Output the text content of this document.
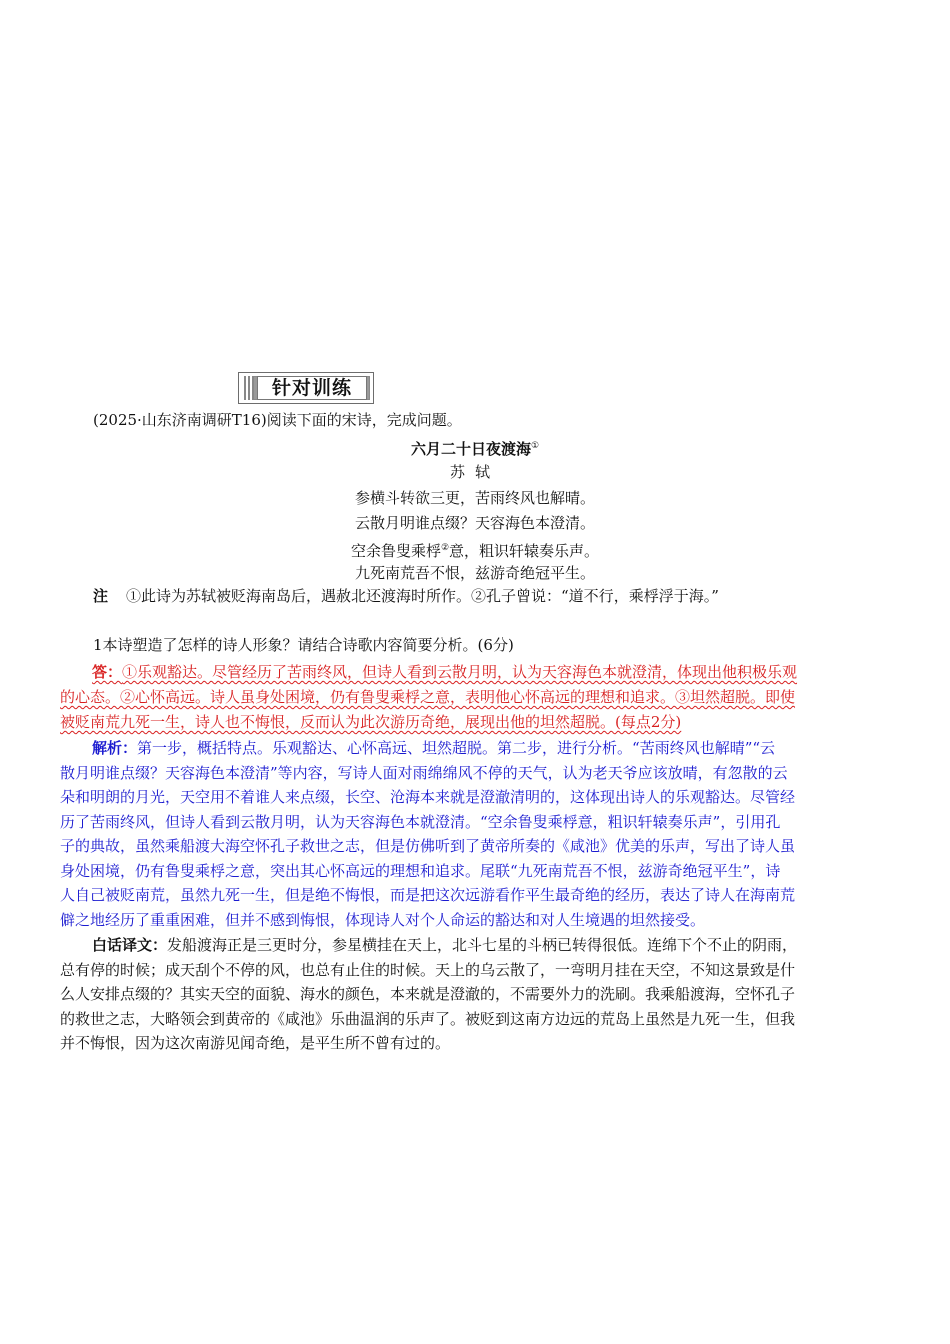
针对训练
(2025·山东济南调研T16)阅读下面的宋诗，完成问题。
六月二十日夜渡海①
苏轼
参横斗转欲三更，苦雨终风也解晴。
云散月明谁点缀？天容海色本澄清。
空余鲁叟乘桴②意，粗识轩辕奏乐声。
九死南荒吾不恨，兹游奇绝冠平生。
注 ①此诗为苏轼被贬海南岛后，遇赦北还渡海时所作。②孔子曾说：“道不行，乘桴浮于海。”
1本诗塑造了怎样的诗人形象？请结合诗歌内容简要分析。(6分)
答：①乐观豁达。尽管经历了苦雨终风，但诗人看到云散月明，认为天容海色本就澄清，体现出他积极乐观
的心态。②心怀高远。诗人虽身处困境，仍有鲁叟乘桴之意，表明他心怀高远的理想和追求。③坦然超脱。即使
被贬南荒九死一生，诗人也不悔恨，反而认为此次游历奇绝，展现出他的坦然超脱。(每点2分)
解析：第一步，概括特点。乐观豁达、心怀高远、坦然超脱。第二步，进行分析。“苦雨终风也解晴”“云
散月明谁点缀？天容海色本澄清”等内容，写诗人面对雨绵绵风不停的天气，认为老天爷应该放晴，有忽散的云
朵和明朗的月光，天空用不着谁人来点缀，长空、沧海本来就是澄澈清明的，这体现出诗人的乐观豁达。尽管经
历了苦雨终风，但诗人看到云散月明，认为天容海色本就澄清。“空余鲁叟乘桴意，粗识轩辕奏乐声”，引用孔
子的典故，虽然乘船渡大海空怀孔子救世之志，但是仿佛听到了黄帝所奏的《咸池》优美的乐声，写出了诗人虽
身处困境，仍有鲁叟乘桴之意，突出其心怀高远的理想和追求。尾联“九死南荒吾不恨，兹游奇绝冠平生”，诗
人自己被贬南荒，虽然九死一生，但是绝不悔恨，而是把这次远游看作平生最奇绝的经历，表达了诗人在海南荒
僻之地经历了重重困难，但并不感到悔恨，体现诗人对个人命运的豁达和对人生境遇的坦然接受。
白话译文：发船渡海正是三更时分，参星横挂在天上，北斗七星的斗柄已转得很低。连绵下个不止的阴雨，
总有停的时候；成天刮个不停的风，也总有止住的时候。天上的乌云散了，一弯明月挂在天空，不知这景致是什
么人安排点缀的？其实天空的面貌、海水的颜色，本来就是澄澈的，不需要外力的洗刷。我乘船渡海，空怀孔子
的救世之志，大略领会到黄帝的《咸池》乐曲温润的乐声了。被贬到这南方边远的荒岛上虽然是九死一生，但我
并不悔恨，因为这次南游见闻奇绝，是平生所不曾有过的。
